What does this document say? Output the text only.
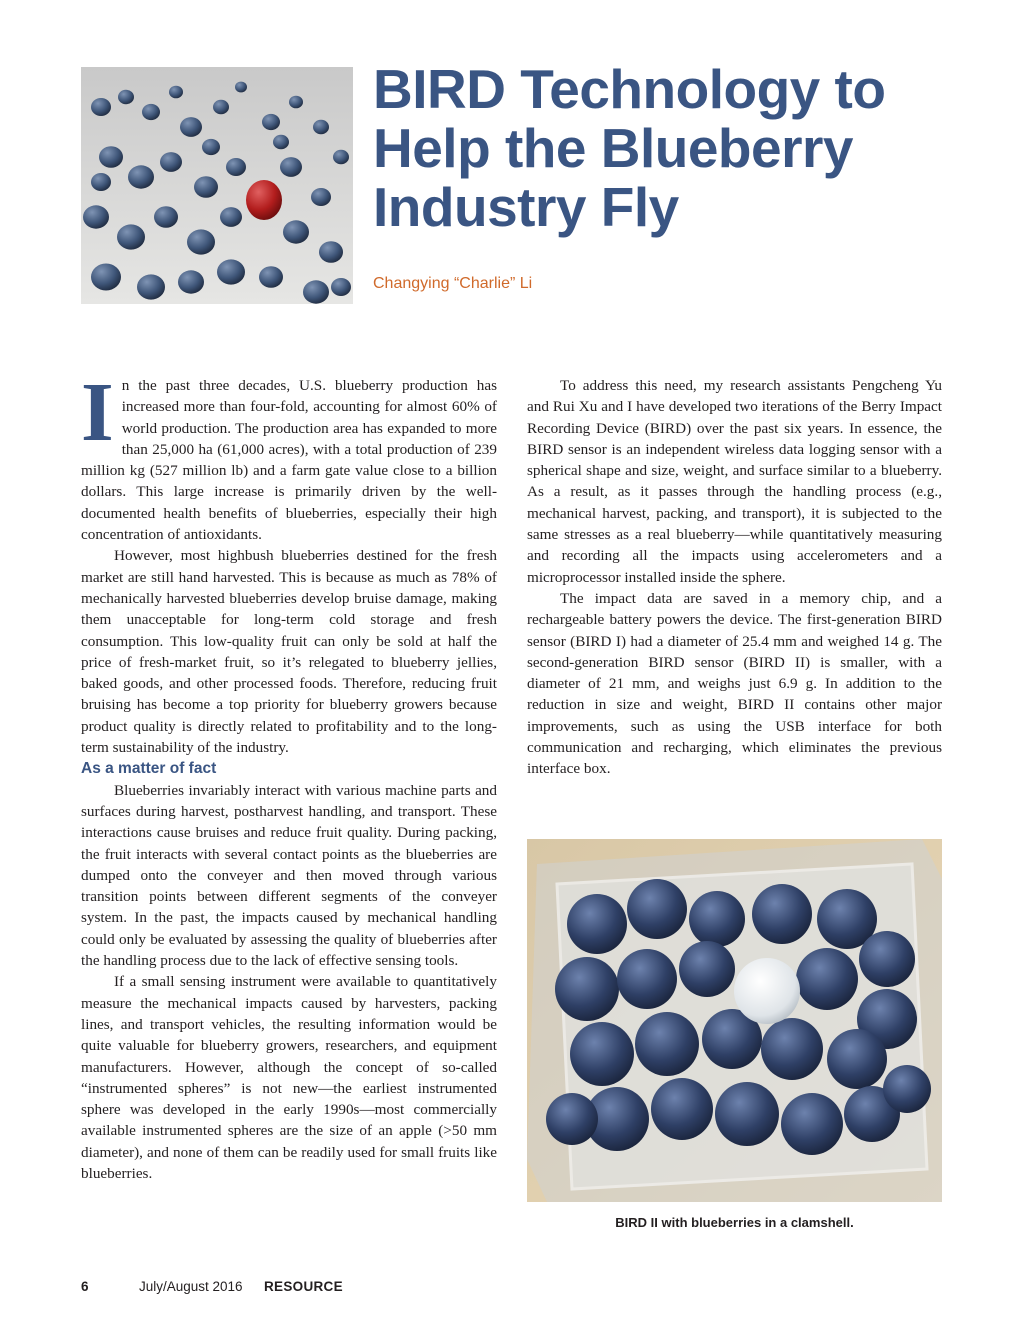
BIRD Technology to
Help the Blueberry
Industry Fly
Changying “Charlie” Li

In the past three decades, U.S. blueberry production has increased more than four-fold, accounting for almost 60% of world production. The production area has expanded to more than 25,000 ha (61,000 acres), with a total production of 239 million kg (527 million lb) and a farm gate value close to a billion dollars. This large increase is primarily driven by the well-documented health benefits of blueberries, especially their high concentration of antioxidants.

However, most highbush blueberries destined for the fresh market are still hand harvested. This is because as much as 78% of mechanically harvested blueberries develop bruise damage, making them unacceptable for long-term cold storage and fresh consumption. This low-quality fruit can only be sold at half the price of fresh-market fruit, so it’s relegated to blueberry jellies, baked goods, and other processed foods. Therefore, reducing fruit bruising has become a top priority for blueberry growers because product quality is directly related to profitability and to the long-term sustainability of the industry.

As a matter of fact

Blueberries invariably interact with various machine parts and surfaces during harvest, postharvest handling, and transport. These interactions cause bruises and reduce fruit quality. During packing, the fruit interacts with several contact points as the blueberries are dumped onto the conveyer and then moved through various transition points between different segments of the conveyer system. In the past, the impacts caused by mechanical handling could only be evaluated by assessing the quality of blueberries after the handling process due to the lack of effective sensing tools.

If a small sensing instrument were available to quantitatively measure the mechanical impacts caused by harvesters, packing lines, and transport vehicles, the resulting information would be quite valuable for blueberry growers, researchers, and equipment manufacturers. However, although the concept of so-called “instrumented spheres” is not new—the earliest instrumented sphere was developed in the early 1990s—most commercially available instrumented spheres are the size of an apple (>50 mm diameter), and none of them can be readily used for small fruits like blueberries.

To address this need, my research assistants Pengcheng Yu and Rui Xu and I have developed two iterations of the Berry Impact Recording Device (BIRD) over the past six years. In essence, the BIRD sensor is an independent wireless data logging sensor with a spherical shape and size, weight, and surface similar to a blueberry. As a result, as it passes through the handling process (e.g., mechanical harvest, packing, and transport), it is subjected to the same stresses as a real blueberry—while quantitatively measuring and recording all the impacts using accelerometers and a microprocessor installed inside the sphere.

The impact data are saved in a memory chip, and a rechargeable battery powers the device. The first-generation BIRD sensor (BIRD I) had a diameter of 25.4 mm and weighed 14 g. The second-generation BIRD sensor (BIRD II) is smaller, with a diameter of 21 mm, and weighs just 6.9 g. In addition to the reduction in size and weight, BIRD II contains other major improvements, such as using the USB interface for both communication and recharging, which eliminates the previous interface box.

BIRD II with blueberries in a clamshell.
6	July/August 2016 RESOURCE
